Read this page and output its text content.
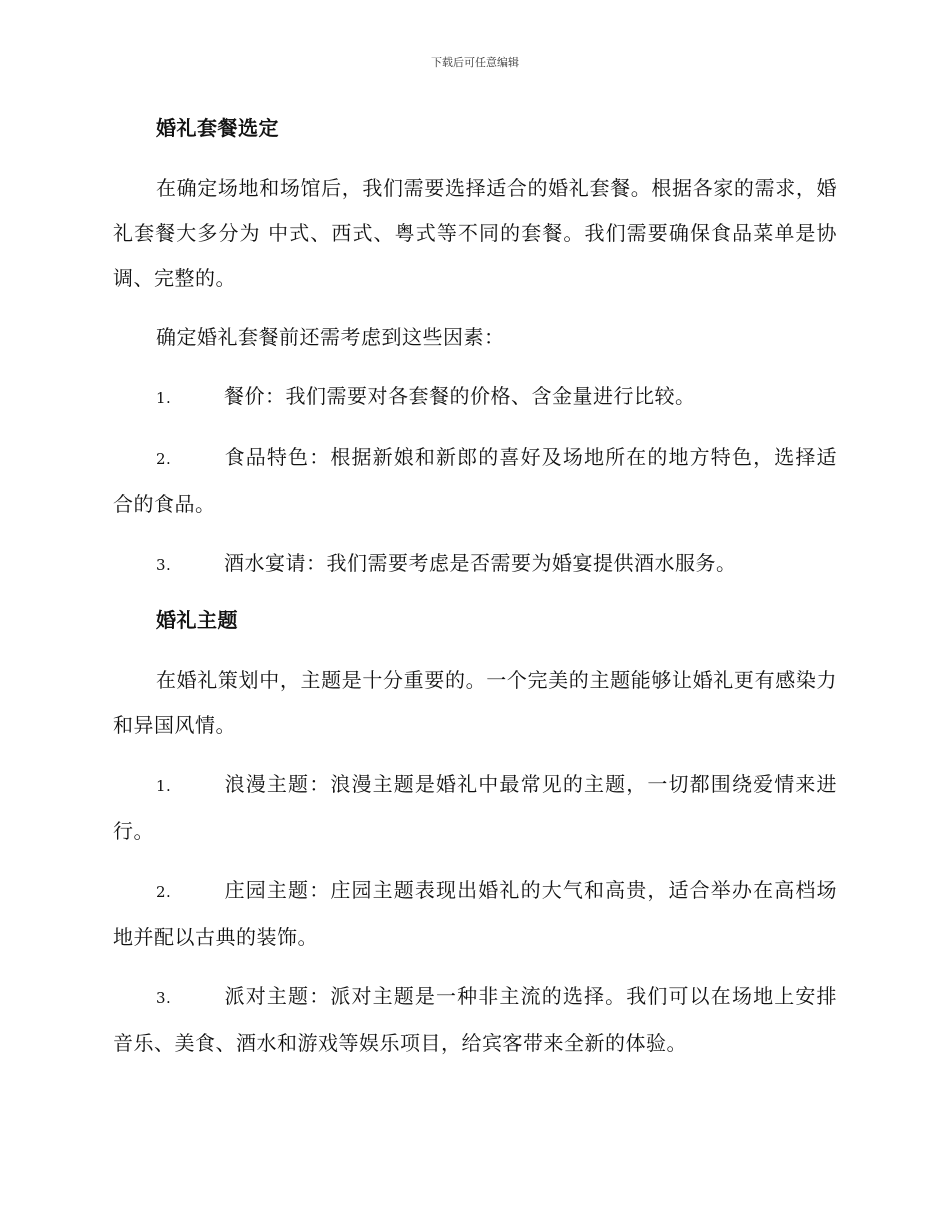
下载后可任意编辑
婚礼套餐选定

在确定场地和场馆后，我们需要选择适合的婚礼套餐。根据各家的需求，婚礼套餐大多分为 中式、西式、粤式等不同的套餐。我们需要确保食品菜单是协调、完整的。

确定婚礼套餐前还需考虑到这些因素：

1.	餐价：我们需要对各套餐的价格、含金量进行比较。
2.	食品特色：根据新娘和新郎的喜好及场地所在的地方特色，选择适合的食品。
3.	酒水宴请：我们需要考虑是否需要为婚宴提供酒水服务。
婚礼主题

在婚礼策划中，主题是十分重要的。一个完美的主题能够让婚礼更有感染力和异国风情。

1.	浪漫主题：浪漫主题是婚礼中最常见的主题，一切都围绕爱情来进行。
2.	庄园主题：庄园主题表现出婚礼的大气和高贵，适合举办在高档场地并配以古典的装饰。
3.	派对主题：派对主题是一种非主流的选择。我们可以在场地上安排音乐、美食、酒水和游戏等娱乐项目，给宾客带来全新的体验。
